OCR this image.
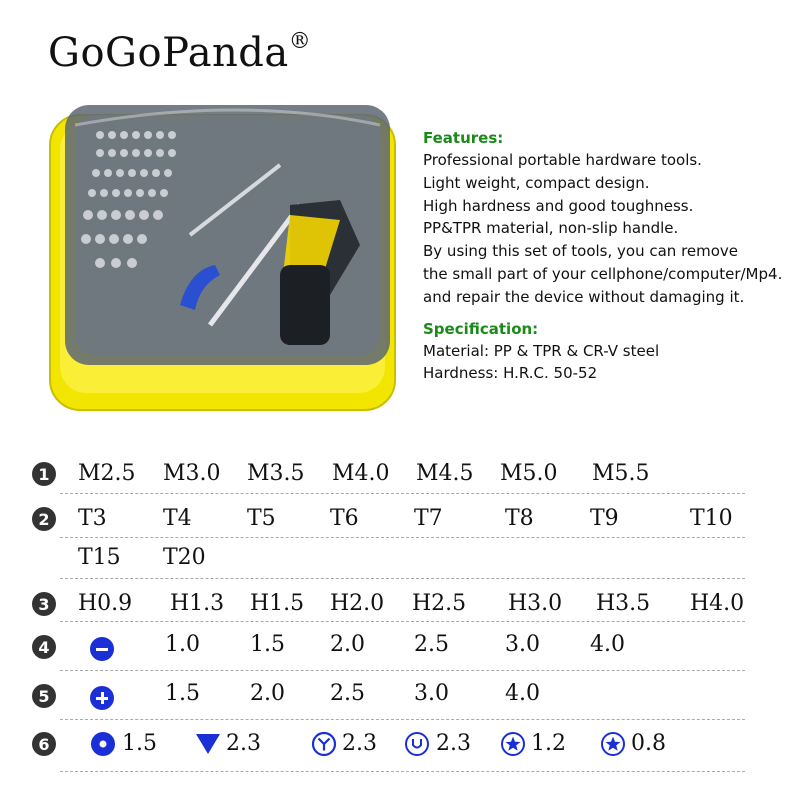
GoGoPanda®
Features:

Professional portable hardware tools.

Light weight, compact design.

High hardness and good toughness.

PP&TPR material, non-slip handle.

By using this set of tools, you can remove

the small part of your cellphone/computer/Mp4.

and repair the device without damaging it.

Specification:

Material: PP & TPR & CR-V steel

Hardness: H.R.C. 50-52

1 M2.5 M3.0 M3.5 M4.0 M4.5 M5.0 M5.5
2 T3	T4	T5 T6	T7	T8	T9	T10
T15 T20
3 H0.9 H1.3 H1.5 H2.0 H2.5 H3.0 H3.5 H4.0
4	1.0 1.5 2.0 2.5	3.0 4.0
5	1.5 2.0 2.5 3.0	4.0
6	1.5	2.3	2.3	2.3	1.2	0.8
